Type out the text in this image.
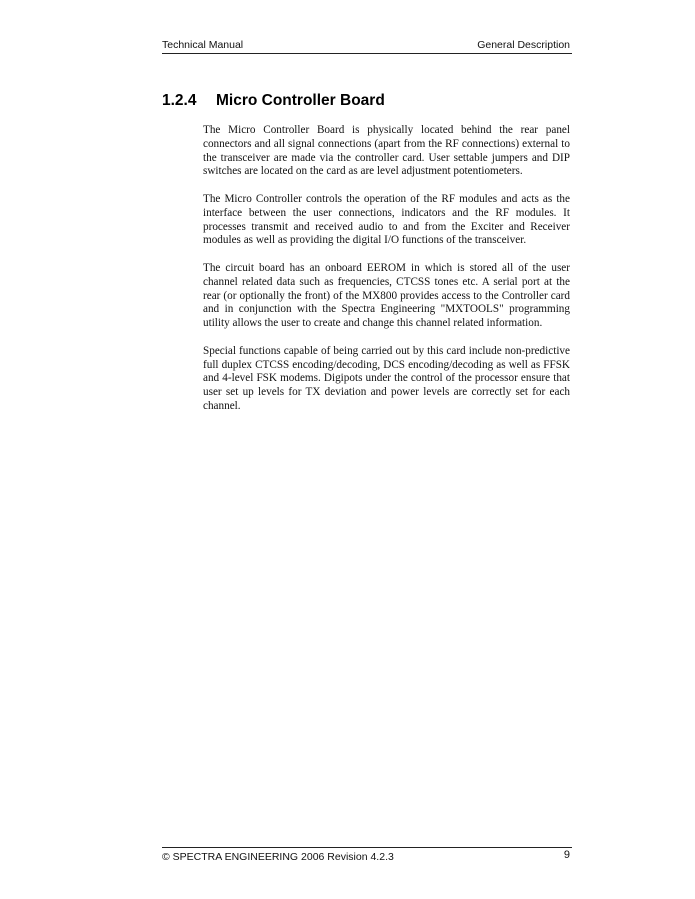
Technical Manual	General Description
1.2.4 Micro Controller Board

The Micro Controller Board is physically located behind the rear panel connectors and all signal connections (apart from the RF connections) external to the transceiver are made via the controller card. User settable jumpers and DIP switches are located on the card as are level adjustment potentiometers.

The Micro Controller controls the operation of the RF modules and acts as the interface between the user connections, indicators and the RF modules. It processes transmit and received audio to and from the Exciter and Receiver modules as well as providing the digital I/O functions of the transceiver.

The circuit board has an onboard EEROM in which is stored all of the user channel related data such as frequencies, CTCSS tones etc. A serial port at the rear (or optionally the front) of the MX800 provides access to the Controller card and in conjunction with the Spectra Engineering "MXTOOLS" programming utility allows the user to create and change this channel related information.

Special functions capable of being carried out by this card include non-predictive full duplex CTCSS encoding/decoding, DCS encoding/decoding as well as FFSK and 4-level FSK modems. Digipots under the control of the processor ensure that user set up levels for TX deviation and power levels are correctly set for each channel.

© SPECTRA ENGINEERING 2006 Revision 4.2.3	9
